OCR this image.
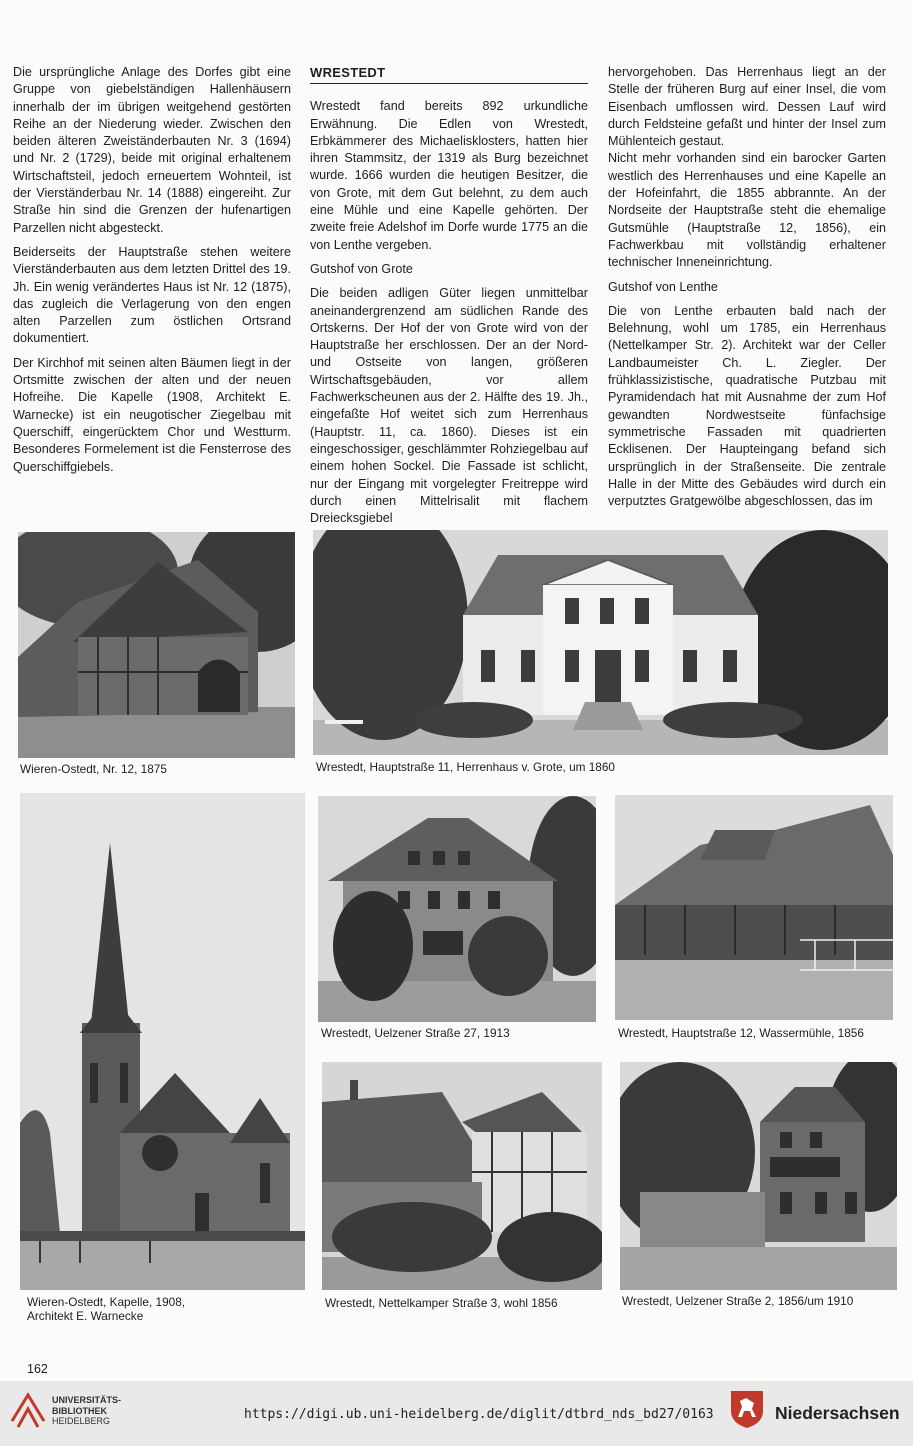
Die ursprüngliche Anlage des Dorfes gibt eine Gruppe von giebelständigen Hallenhäusern innerhalb der im übrigen weitgehend gestörten Reihe an der Niederung wieder. Zwischen den beiden älteren Zweiständerbauten Nr. 3 (1694) und Nr. 2 (1729), beide mit original erhaltenem Wirtschaftsteil, jedoch erneuertem Wohnteil, ist der Vierständerbau Nr. 14 (1888) eingereiht. Zur Straße hin sind die Grenzen der hufenartigen Parzellen nicht abgesteckt.

Beiderseits der Hauptstraße stehen weitere Vierständerbauten aus dem letzten Drittel des 19. Jh. Ein wenig verändertes Haus ist Nr. 12 (1875), das zugleich die Verlagerung von den engen alten Parzellen zum östlichen Ortsrand dokumentiert.

Der Kirchhof mit seinen alten Bäumen liegt in der Ortsmitte zwischen der alten und der neuen Hofreihe. Die Kapelle (1908, Architekt E. Warnecke) ist ein neugotischer Ziegelbau mit Querschiff, eingerücktem Chor und Westturm. Besonderes Formelement ist die Fensterrose des Querschiffgiebels.

WRESTEDT

Wrestedt fand bereits 892 urkundliche Erwähnung. Die Edlen von Wrestedt, Erbkämmerer des Michaelisklosters, hatten hier ihren Stammsitz, der 1319 als Burg bezeichnet wurde. 1666 wurden die heutigen Besitzer, die von Grote, mit dem Gut belehnt, zu dem auch eine Mühle und eine Kapelle gehörten. Der zweite freie Adelshof im Dorfe wurde 1775 an die von Lenthe vergeben.

Gutshof von Grote

Die beiden adligen Güter liegen unmittelbar aneinandergrenzend am südlichen Rande des Ortskerns. Der Hof der von Grote wird von der Hauptstraße her erschlossen. Der an der Nord- und Ostseite von langen, größeren Wirtschaftsgebäuden, vor allem Fachwerkscheunen aus der 2. Hälfte des 19. Jh., eingefaßte Hof weitet sich zum Herrenhaus (Hauptstr. 11, ca. 1860). Dieses ist ein eingeschossiger, geschlämmter Rohziegelbau auf einem hohen Sockel. Die Fassade ist schlicht, nur der Eingang mit vorgelegter Freitreppe wird durch einen Mittelrisalit mit flachem Dreiecksgiebel

hervorgehoben. Das Herrenhaus liegt an der Stelle der früheren Burg auf einer Insel, die vom Eisenbach umflossen wird. Dessen Lauf wird durch Feldsteine gefaßt und hinter der Insel zum Mühlenteich gestaut.

Nicht mehr vorhanden sind ein barocker Garten westlich des Herrenhauses und eine Kapelle an der Hofeinfahrt, die 1855 abbrannte. An der Nordseite der Hauptstraße steht die ehemalige Gutsmühle (Hauptstraße 12, 1856), ein Fachwerkbau mit vollständig erhaltener technischer Inneneinrichtung.

Gutshof von Lenthe

Die von Lenthe erbauten bald nach der Belehnung, wohl um 1785, ein Herrenhaus (Nettelkamper Str. 2). Architekt war der Celler Landbaumeister Ch. L. Ziegler. Der frühklassizistische, quadratische Putzbau mit Pyramidendach hat mit Ausnahme der zum Hof gewandten Nordwestseite fünfachsige symmetrische Fassaden mit quadrierten Ecklisenen. Der Haupteingang befand sich ursprünglich in der Straßenseite. Die zentrale Halle in der Mitte des Gebäudes wird durch ein verputztes Gratgewölbe abgeschlossen, das im

Wieren-Ostedt, Nr. 12, 1875	Wrestedt, Hauptstraße 11, Herrenhaus v. Grote, um 1860
Wieren-Ostedt, Kapelle, 1908,
Architekt E. Warnecke
Wrestedt, Uelzener Straße 27, 1913	Wrestedt, Hauptstraße 12, Wassermühle, 1856
Wrestedt, Nettelkamper Straße 3, wohl 1856	Wrestedt, Uelzener Straße 2, 1856/um 1910
162
UNIVERSITÄTS-
BIBLIOTHEK
HEIDELBERG	https://digi.ub.uni-heidelberg.de/diglit/dtbrd_nds_bd27/0163	Niedersachsen
